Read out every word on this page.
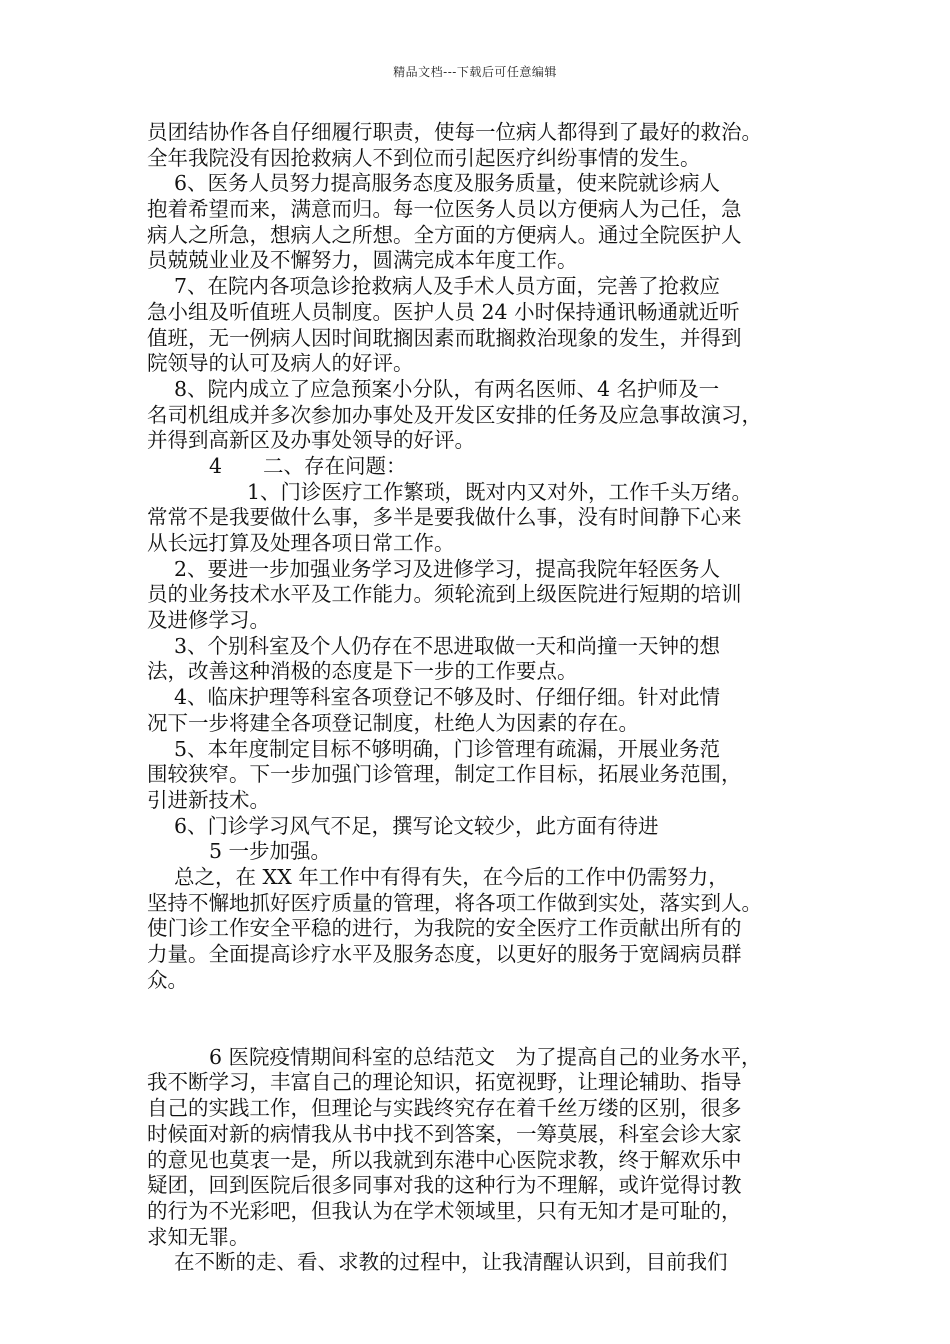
精品文档---下载后可任意编辑
员团结协作各自仔细履行职责，使每一位病人都得到了最好的救治。
全年我院没有因抢救病人不到位而引起医疗纠纷事情的发生。
6、医务人员努力提高服务态度及服务质量，使来院就诊病人
抱着希望而来，满意而归。每一位医务人员以方便病人为己任，急
病人之所急，想病人之所想。全方面的方便病人。通过全院医护人
员兢兢业业及不懈努力，圆满完成本年度工作。
7、在院内各项急诊抢救病人及手术人员方面，完善了抢救应
急小组及听值班人员制度。医护人员 24 小时保持通讯畅通就近听
值班，无一例病人因时间耽搁因素而耽搁救治现象的发生，并得到
院领导的认可及病人的好评。
8、院内成立了应急预案小分队，有两名医师、4 名护师及一
名司机组成并多次参加办事处及开发区安排的任务及应急事故演习，
并得到高新区及办事处领导的好评。
4　　二、存在问题：
1、门诊医疗工作繁琐，既对内又对外，工作千头万绪。
常常不是我要做什么事，多半是要我做什么事，没有时间静下心来
从长远打算及处理各项日常工作。
2、要进一步加强业务学习及进修学习，提高我院年轻医务人
员的业务技术水平及工作能力。须轮流到上级医院进行短期的培训
及进修学习。
3、个别科室及个人仍存在不思进取做一天和尚撞一天钟的想
法，改善这种消极的态度是下一步的工作要点。
4、临床护理等科室各项登记不够及时、仔细仔细。针对此情
况下一步将建全各项登记制度，杜绝人为因素的存在。
5、本年度制定目标不够明确，门诊管理有疏漏，开展业务范
围较狭窄。下一步加强门诊管理，制定工作目标，拓展业务范围，
引进新技术。
6、门诊学习风气不足，撰写论文较少，此方面有待进
5 一步加强。
总之，在 XX 年工作中有得有失，在今后的工作中仍需努力，
坚持不懈地抓好医疗质量的管理，将各项工作做到实处，落实到人。
使门诊工作安全平稳的进行，为我院的安全医疗工作贡献出所有的
力量。全面提高诊疗水平及服务态度，以更好的服务于宽阔病员群
众。
6 医院疫情期间科室的总结范文　为了提高自己的业务水平，
我不断学习，丰富自己的理论知识，拓宽视野，让理论辅助、指导
自己的实践工作，但理论与实践终究存在着千丝万缕的区别，很多
时候面对新的病情我从书中找不到答案，一筹莫展，科室会诊大家
的意见也莫衷一是，所以我就到东港中心医院求教，终于解欢乐中
疑团，回到医院后很多同事对我的这种行为不理解，或许觉得讨教
的行为不光彩吧，但我认为在学术领域里，只有无知才是可耻的，
求知无罪。
在不断的走、看、求教的过程中，让我清醒认识到，目前我们
